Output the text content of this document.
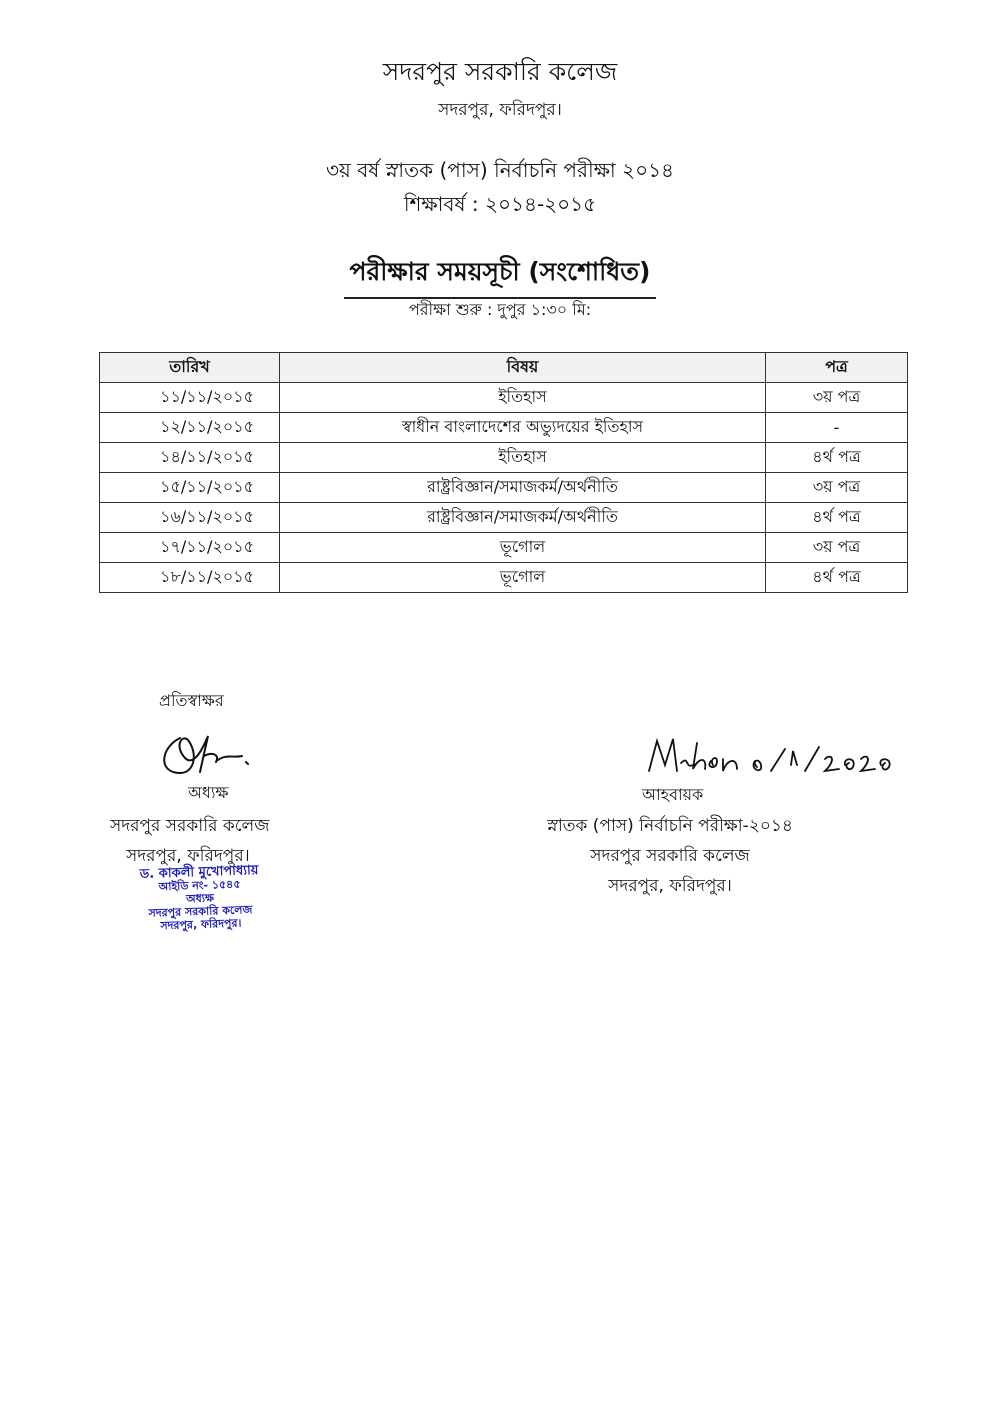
সদরপুর সরকারি কলেজ
সদরপুর, ফরিদপুর।
৩য় বর্ষ স্নাতক (পাস) নির্বাচনি পরীক্ষা ২০১৪
শিক্ষাবর্ষ : ২০১৪-২০১৫
পরীক্ষার সময়সূচী (সংশোধিত)
পরীক্ষা শুরু : দুপুর ১:৩০ মি:
তারিখ	বিষয়	পত্র
১১/১১/২০১৫	ইতিহাস	৩য় পত্র
১২/১১/২০১৫	স্বাধীন বাংলাদেশের অভ্যুদয়ের ইতিহাস	-
১৪/১১/২০১৫	ইতিহাস	৪র্থ পত্র
১৫/১১/২০১৫	রাষ্ট্রবিজ্ঞান/সমাজকর্ম/অর্থনীতি	৩য় পত্র
১৬/১১/২০১৫	রাষ্ট্রবিজ্ঞান/সমাজকর্ম/অর্থনীতি	৪র্থ পত্র
১৭/১১/২০১৫	ভূগোল	৩য় পত্র
১৮/১১/২০১৫	ভূগোল	৪র্থ পত্র
প্রতিস্বাক্ষর
অধ্যক্ষ
সদরপুর সরকারি কলেজ
সদরপুর, ফরিদপুর।
ড. কাকলী মুখোপাধ্যায়
আইডি নং- ১৫৪৫
অধ্যক্ষ
সদরপুর সরকারি কলেজ
সদরপুর, ফরিদপুর।
আহবায়ক
স্নাতক (পাস) নির্বাচনি পরীক্ষা-২০১৪
সদরপুর সরকারি কলেজ
সদরপুর, ফরিদপুর।
